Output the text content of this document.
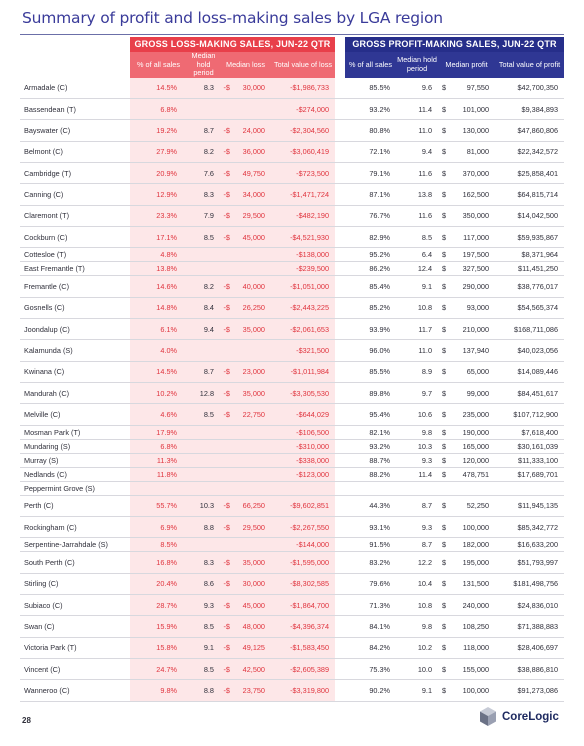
Summary of profit and loss-making sales by LGA region
	GROSS LOSS-MAKING SALES, JUN-22 QTR						GROSS PROFIT-MAKING SALES, JUN-22 QTR				
	% of all sales	Median hold period	Median loss		Total value of loss		% of all sales	Median hold period	Median profit		Total value of profit
Armadale (C)	14.5%	8.3	-$	30,000	-$1,986,733		85.5%	9.6	$	97,550	$42,700,350
Bassendean (T)	6.8%				-$274,000		93.2%	11.4	$	101,000	$9,384,893
Bayswater (C)	19.2%	8.7	-$	24,000	-$2,304,560		80.8%	11.0	$	130,000	$47,860,806
Belmont (C)	27.9%	8.2	-$	36,000	-$3,060,419		72.1%	9.4	$	81,000	$22,342,572
Cambridge (T)	20.9%	7.6	-$	49,750	-$723,500		79.1%	11.6	$	370,000	$25,858,401
Canning (C)	12.9%	8.3	-$	34,000	-$1,471,724		87.1%	13.8	$	162,500	$64,815,714
Claremont (T)	23.3%	7.9	-$	29,500	-$482,190		76.7%	11.6	$	350,000	$14,042,500
Cockburn (C)	17.1%	8.5	-$	45,000	-$4,521,930		82.9%	8.5	$	117,000	$59,935,867
Cottesloe (T)	4.8%				-$138,000		95.2%	6.4	$	197,500	$8,371,964
East Fremantle (T)	13.8%				-$239,500		86.2%	12.4	$	327,500	$11,451,250
Fremantle (C)	14.6%	8.2	-$	40,000	-$1,051,000		85.4%	9.1	$	290,000	$38,776,017
Gosnells (C)	14.8%	8.4	-$	26,250	-$2,443,225		85.2%	10.8	$	93,000	$54,565,374
Joondalup (C)	6.1%	9.4	-$	35,000	-$2,061,653		93.9%	11.7	$	210,000	$168,711,086
Kalamunda (S)	4.0%				-$321,500		96.0%	11.0	$	137,940	$40,023,056
Kwinana (C)	14.5%	8.7	-$	23,000	-$1,011,984		85.5%	8.9	$	65,000	$14,089,446
Mandurah (C)	10.2%	12.8	-$	35,000	-$3,305,530		89.8%	9.7	$	99,000	$84,451,617
Melville (C)	4.6%	8.5	-$	22,750	-$644,029		95.4%	10.6	$	235,000	$107,712,900
Mosman Park (T)	17.9%				-$106,500		82.1%	9.8	$	190,000	$7,618,400
Mundaring (S)	6.8%				-$310,000		93.2%	10.3	$	165,000	$30,161,039
Murray (S)	11.3%				-$338,000		88.7%	9.3	$	120,000	$11,333,100
Nedlands (C)	11.8%				-$123,000		88.2%	11.4	$	478,751	$17,689,701
Peppermint Grove (S)											
Perth (C)	55.7%	10.3	-$	66,250	-$9,602,851		44.3%	8.7	$	52,250	$11,945,135
Rockingham (C)	6.9%	8.8	-$	29,500	-$2,267,550		93.1%	9.3	$	100,000	$85,342,772
Serpentine-Jarrahdale (S)	8.5%				-$144,000		91.5%	8.7	$	182,000	$16,633,200
South Perth (C)	16.8%	8.3	-$	35,000	-$1,595,000		83.2%	12.2	$	195,000	$51,793,997
Stirling (C)	20.4%	8.6	-$	30,000	-$8,302,585		79.6%	10.4	$	131,500	$181,498,756
Subiaco (C)	28.7%	9.3	-$	45,000	-$1,864,700		71.3%	10.8	$	240,000	$24,836,010
Swan (C)	15.9%	8.5	-$	48,000	-$4,396,374		84.1%	9.8	$	108,250	$71,388,883
Victoria Park (T)	15.8%	9.1	-$	49,125	-$1,583,450		84.2%	10.2	$	118,000	$28,406,697
Vincent (C)	24.7%	8.5	-$	42,500	-$2,605,389		75.3%	10.0	$	155,000	$38,886,810
Wanneroo (C)	9.8%	8.8	-$	23,750	-$3,319,800		90.2%	9.1	$	100,000	$91,273,086
28	CoreLogic
